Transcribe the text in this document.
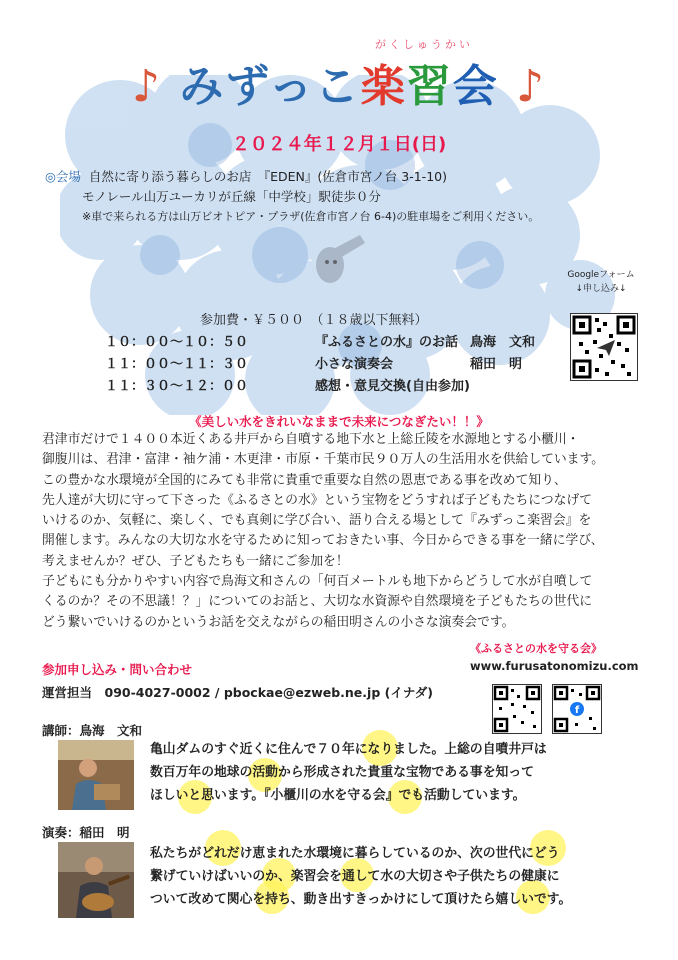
がくしゅうかい
♪ みずっこ楽習会 ♪
２０２４年１２月１日(日)
◎会場 自然に寄り添う暮らしのお店　『EDEN』(佐倉市宮ノ台 3-1-10)
モノレール山万ユーカリが丘線「中学校」駅徒歩０分
※車で来られる方は山万ビオトピア・プラザ(佐倉市宮ノ台 6-4)の駐車場をご利用ください。
Googleフォーム
↓申し込み↓
参加費・￥５００　（１８歳以下無料）
１０：００〜１０：５０	『ふるさとの水』のお話 鳥海　文和
１１：００〜１１：３０	小さな演奏会	稲田　明
１１：３０〜１２：００	感想・意見交換(自由参加)
《美しい水をきれいなままで未来につなぎたい！！》

君津市だけで１４００本近くある井戸から自噴する地下水と上総丘陵を水源地とする小櫃川・

御腹川は、君津・富津・袖ケ浦・木更津・市原・千葉市民９０万人の生活用水を供給しています。

この豊かな水環境が全国的にみても非常に貴重で重要な自然の恩恵である事を改めて知り、

先人達が大切に守って下さった《ふるさとの水》という宝物をどうすれば子どもたちにつなげて

いけるのか、気軽に、楽しく、でも真剣に学び合い、語り合える場として『みずっこ楽習会』を

開催します。みんなの大切な水を守るために知っておきたい事、今日からできる事を一緒に学び、

考えませんか？ぜひ、子どもたちも一緒にご参加を！

子どもにも分かりやすい内容で鳥海文和さんの「何百メートルも地下からどうして水が自噴して

くるのか？その不思議！？」についてのお話と、大切な水資源や自然環境を子どもたちの世代に

どう繋いでいけるのかというお話を交えながらの稲田明さんの小さな演奏会です。

《ふるさとの水を守る会》
www.furusatonomizu.com
参加申し込み・問い合わせ
運営担当　090-4027-0002 / pbockae@ezweb.ne.jp (イナダ)
f
講師：鳥海　文和
亀山ダムのすぐ近くに住んで７０年になりました。上総の自噴井戸は
数百万年の地球の活動から形成された貴重な宝物である事を知って
ほしいと思います。『小櫃川の水を守る会』でも活動しています。
演奏：稲田　明
私たちがどれだけ恵まれた水環境に暮らしているのか、次の世代にどう
繋げていけばいいのか、楽習会を通して水の大切さや子供たちの健康に
ついて改めて関心を持ち、動き出すきっかけにして頂けたら嬉しいです。
